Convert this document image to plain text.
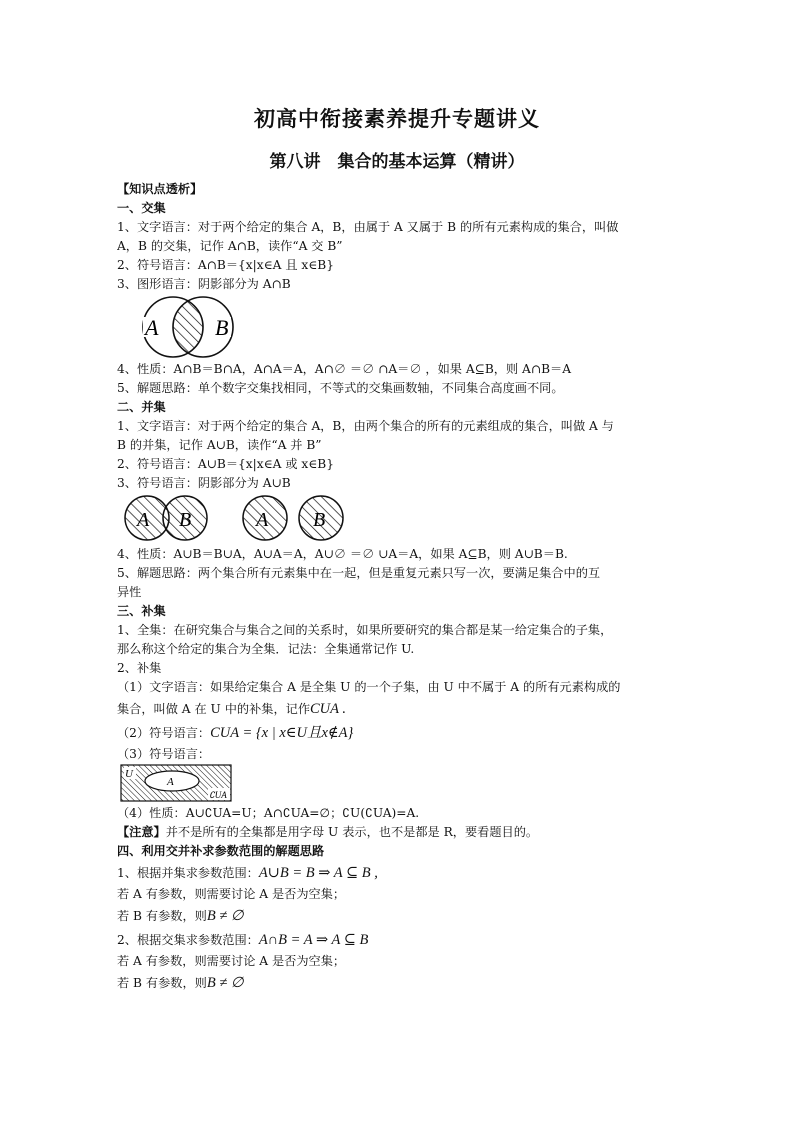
初高中衔接素养提升专题讲义
第八讲　集合的基本运算（精讲）
【知识点透析】
一、交集
1、文字语言：对于两个给定的集合 A，B，由属于 A 又属于 B 的所有元素构成的集合，叫做
A，B 的交集，记作 A∩B，读作“A 交 B”
2、符号语言：A∩B＝{x|x∈A 且 x∈B}
3、图形语言：阴影部分为 A∩B
A	B
4、性质：A∩B＝B∩A，A∩A＝A，A∩∅ ＝∅ ∩A＝∅ ，如果 A⊆B，则 A∩B＝A
5、解题思路：单个数字交集找相同，不等式的交集画数轴，不同集合高度画不同。
二、并集
1、文字语言：对于两个给定的集合 A，B，由两个集合的所有的元素组成的集合，叫做 A 与
B 的并集，记作 A∪B，读作“A 并 B”
2、符号语言：A∪B＝{x|x∈A 或 x∈B}
3、符号语言：阴影部分为 A∪B
A B	A B
4、性质：A∪B＝B∪A，A∪A＝A，A∪∅ ＝∅ ∪A＝A，如果 A⊆B，则 A∪B＝B.
5、解题思路：两个集合所有元素集中在一起，但是重复元素只写一次，要满足集合中的互
异性
三、补集
1、全集：在研究集合与集合之间的关系时，如果所要研究的集合都是某一给定集合的子集，
那么称这个给定的集合为全集．记法：全集通常记作 U.
2、补集
（1）文字语言：如果给定集合 A 是全集 U 的一个子集，由 U 中不属于 A 的所有元素构成的
集合，叫做 A 在 U 中的补集，记作CUA .
（2）符号语言：CUA = {x | x∈U且x∉A}
（3）符号语言：
U
A
∁UA
（4）性质：A∪∁UA=U；A∩∁UA=∅；∁U(∁UA)=A.
【注意】并不是所有的全集都是用字母 U 表示，也不是都是 R，要看题目的。
四、利用交并补求参数范围的解题思路
1、根据并集求参数范围：A∪B = B ⇒ A ⊆ B ,
若 A 有参数，则需要讨论 A 是否为空集；
若 B 有参数，则B ≠ ∅
2、根据交集求参数范围：A∩B = A ⇒ A ⊆ B
若 A 有参数，则需要讨论 A 是否为空集；
若 B 有参数，则B ≠ ∅
